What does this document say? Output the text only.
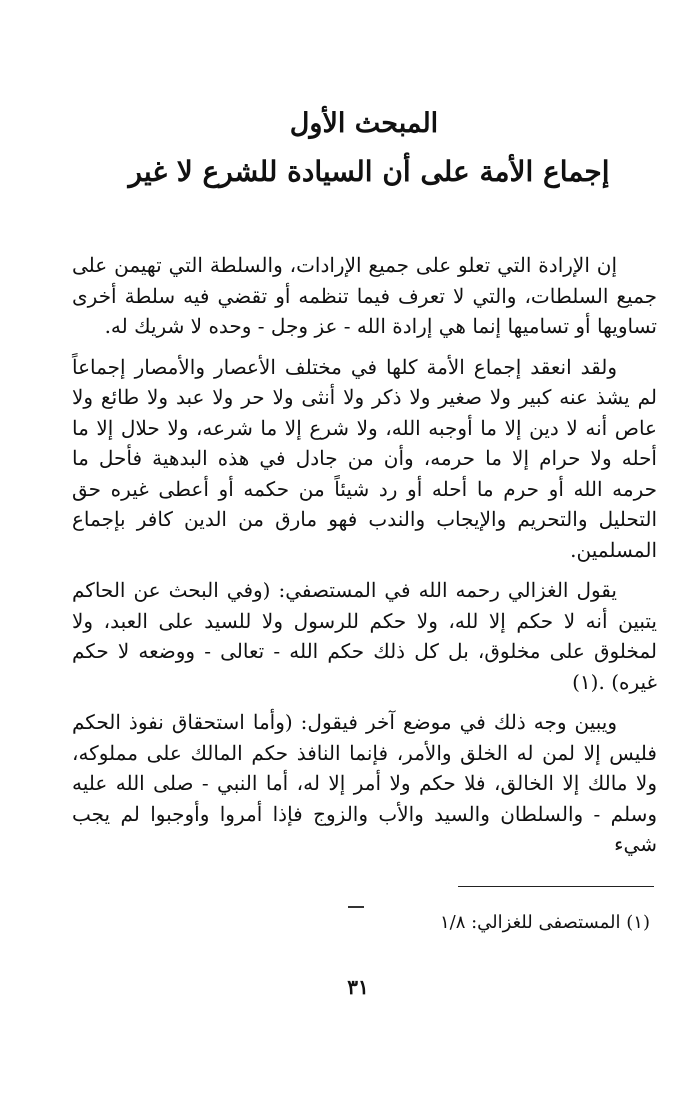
المبحث الأول
إجماع الأمة على أن السيادة للشرع لا غير

إن الإرادة التي تعلو على جميع الإرادات، والسلطة التي تهيمن على جميع السلطات، والتي لا تعرف فيما تنظمه أو تقضي فيه سلطة أخرى تساويها أو تساميها إنما هي إرادة الله - عز وجل - وحده لا شريك له.

ولقد انعقد إجماع الأمة كلها في مختلف الأعصار والأمصار إجماعاً لم يشذ عنه كبير ولا صغير ولا ذكر ولا أنثى ولا حر ولا عبد ولا طائع ولا عاص أنه لا دين إلا ما أوجبه الله، ولا شرع إلا ما شرعه، ولا حلال إلا ما أحله ولا حرام إلا ما حرمه، وأن من جادل في هذه البدهية فأحل ما حرمه الله أو حرم ما أحله أو رد شيئاً من حكمه أو أعطى غيره حق التحليل والتحريم والإيجاب والندب فهو مارق من الدين كافر بإجماع المسلمين.

يقول الغزالي رحمه الله في المستصفي: (وفي البحث عن الحاكم يتبين أنه لا حكم إلا لله، ولا حكم للرسول ولا للسيد على العبد، ولا لمخلوق على مخلوق، بل كل ذلك حكم الله - تعالى - ووضعه لا حكم غيره) .(١)

ويبين وجه ذلك في موضع آخر فيقول: (وأما استحقاق نفوذ الحكم فليس إلا لمن له الخلق والأمر، فإنما النافذ حكم المالك على مملوكه، ولا مالك إلا الخالق، فلا حكم ولا أمر إلا له، أما النبي - صلى الله عليه وسلم - والسلطان والسيد والأب والزوج فإذا أمروا وأوجبوا لم يجب شيء

(١) المستصفى للغزالي: ١/٨
٣١
